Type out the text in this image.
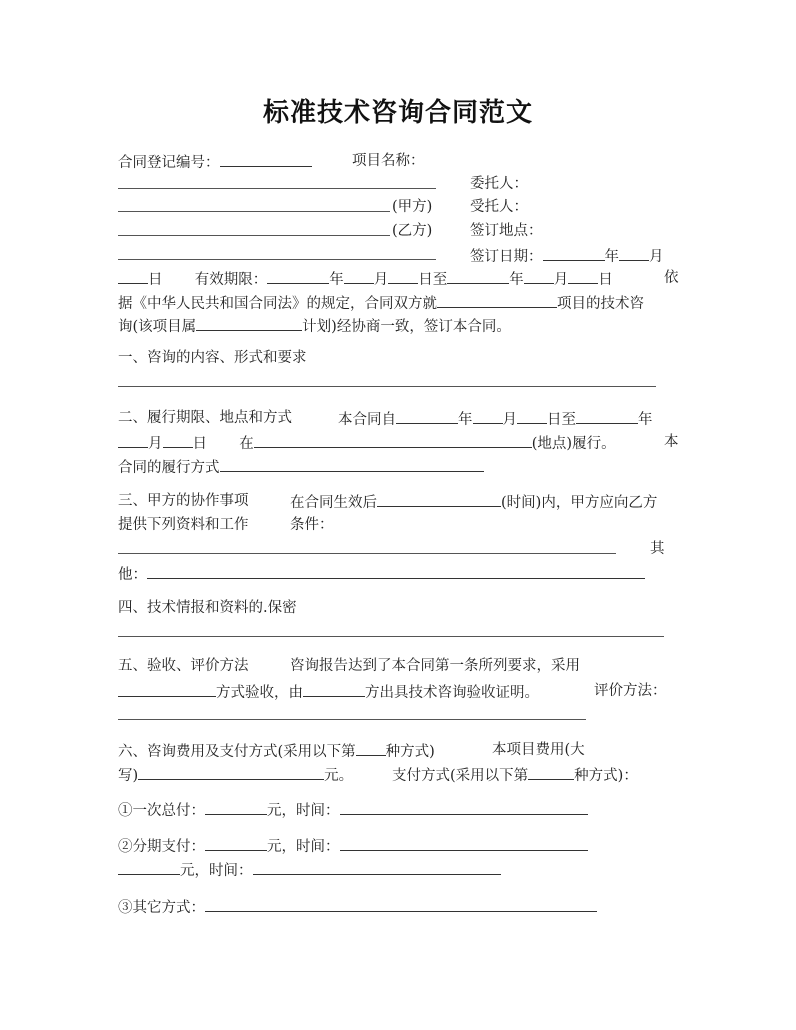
标准技术咨询合同范文
合同登记编号：	项目名称：
委托人：
(甲方)	受托人：
(乙方)	签订地点：
签订日期：	年 月
日 有效期限：	年 月 日至	年 月 日	依
据《中华人民共和国合同法》的规定，合同双方就	项目的技术咨
询(该项目属	计划)经协商一致，签订本合同。
一、咨询的内容、形式和要求
二、履行期限、地点和方式	本合同自	年 月 日至	年
月 日 在	(地点)履行。	本
合同的履行方式
三、甲方的协作事项	在合同生效后	(时间)内，甲方应向乙方
提供下列资料和工作	条件：
其
他：
四、技术情报和资料的.保密
五、验收、评价方法	咨询报告达到了本合同第一条所列要求，采用
方式验收，由	方出具技术咨询验收证明。	评价方法：
六、咨询费用及支付方式(采用以下第 种方式)	本项目费用(大
写)	元。	支付方式(采用以下第	种方式)：
①一次总付：	元，时间：
②分期支付：	元，时间：
元，时间：
③其它方式：
